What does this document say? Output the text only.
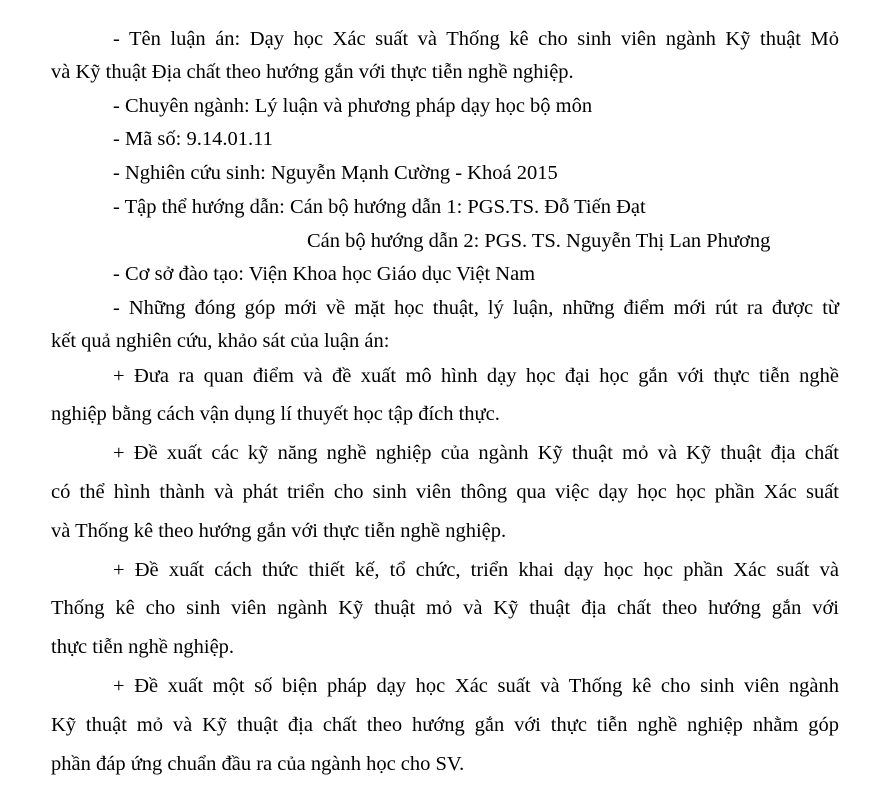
- Tên luận án: Dạy học Xác suất và Thống kê cho sinh viên ngành Kỹ thuật Mỏ
và Kỹ thuật Địa chất theo hướng gắn với thực tiễn nghề nghiệp.
- Chuyên ngành: Lý luận và phương pháp dạy học bộ môn
- Mã số: 9.14.01.11
- Nghiên cứu sinh: Nguyễn Mạnh Cường - Khoá 2015
- Tập thể hướng dẫn: Cán bộ hướng dẫn 1: PGS.TS. Đỗ Tiến Đạt
Cán bộ hướng dẫn 2: PGS. TS. Nguyễn Thị Lan Phương
- Cơ sở đào tạo: Viện Khoa học Giáo dục Việt Nam
- Những đóng góp mới về mặt học thuật, lý luận, những điểm mới rút ra được từ
kết quả nghiên cứu, khảo sát của luận án:
+ Đưa ra quan điểm và đề xuất mô hình dạy học đại học gắn với thực tiễn nghề
nghiệp bằng cách vận dụng lí thuyết học tập đích thực.
+ Đề xuất các kỹ năng nghề nghiệp của ngành Kỹ thuật mỏ và Kỹ thuật địa chất
có thể hình thành và phát triển cho sinh viên thông qua việc dạy học học phần Xác suất
và Thống kê theo hướng gắn với thực tiễn nghề nghiệp.
+ Đề xuất cách thức thiết kế, tổ chức, triển khai dạy học học phần Xác suất và
Thống kê cho sinh viên ngành Kỹ thuật mỏ và Kỹ thuật địa chất theo hướng gắn với
thực tiễn nghề nghiệp.
+ Đề xuất một số biện pháp dạy học Xác suất và Thống kê cho sinh viên ngành
Kỹ thuật mỏ và Kỹ thuật địa chất theo hướng gắn với thực tiễn nghề nghiệp nhằm góp
phần đáp ứng chuẩn đầu ra của ngành học cho SV.
